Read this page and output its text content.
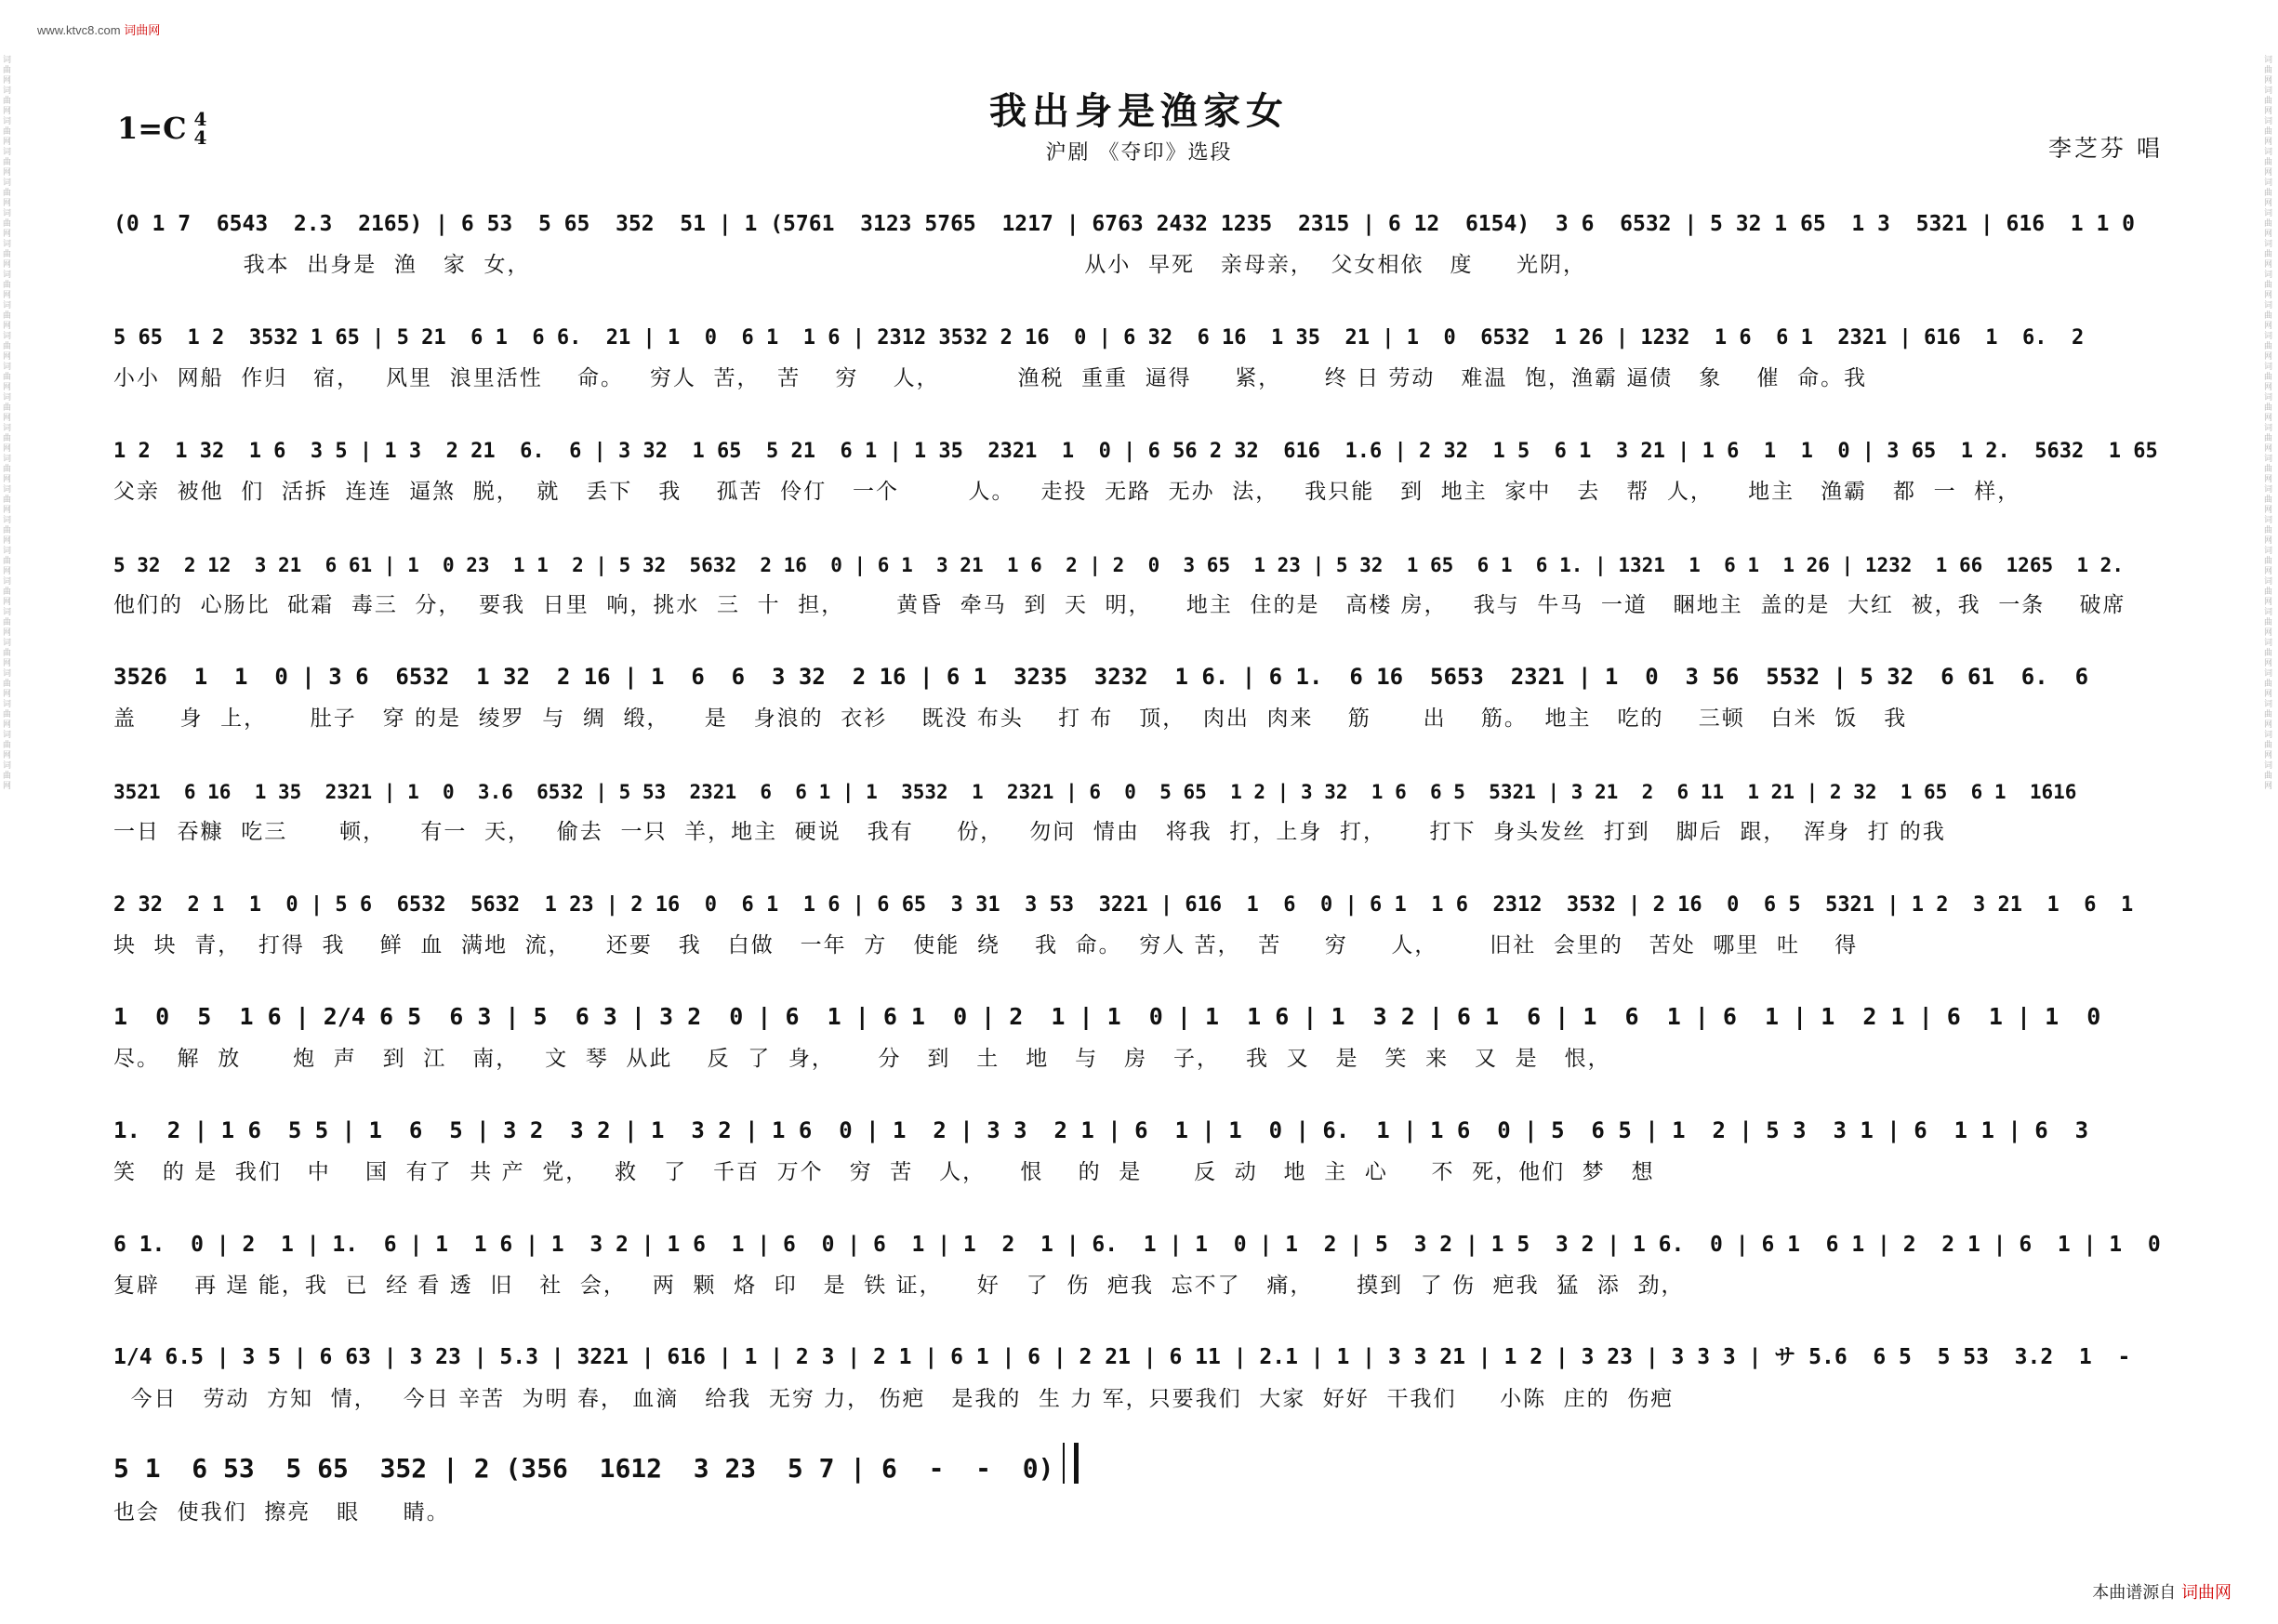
www.ktvc8.com 词曲网
词曲网词曲网词曲网词曲网词曲网词曲网词曲网词曲网词曲网词曲网词曲网词曲网词曲网词曲网词曲网词曲网词曲网词曲网词曲网词曲网词曲网词曲网词曲网词曲网
词曲网词曲网词曲网词曲网词曲网词曲网词曲网词曲网词曲网词曲网词曲网词曲网词曲网词曲网词曲网词曲网词曲网词曲网词曲网词曲网词曲网词曲网词曲网词曲网
1=C 4
4
我出身是渔家女
沪剧 《夺印》选段	李芝芬 唱
(0 1 7  6543  2.3  2165) | 6 53  5 65  352  51 | 1 (5761  3123 5765  1217 | 6763 2432 1235  2315 | 6 12  6154)  3 6  6532 | 5 32 1 65  1 3  5321 | 616  1 1 0
我本  出身是  渔   家  女，                                                                从小  早死   亲母亲，  父女相依   度     光阴，
5 65  1 2  3532 1 65 | 5 21  6 1  6 6.  21 | 1  0  6 1  1 6 | 2312 3532 2 16  0 | 6 32  6 16  1 35  21 | 1  0  6532  1 26 | 1232  1 6  6 1  2321 | 616  1  6.  2
小小  网船  作归   宿，   风里  浪里活性    命。   穷人  苦，  苦    穷    人，         渔税  重重  逼得     紧，     终 日 劳动   难温  饱，渔霸 逼债   象    催  命。我
1 2  1 32  1 6  3 5 | 1 3  2 21  6.  6 | 3 32  1 65  5 21  6 1 | 1 35  2321  1  0 | 6 56 2 32  616  1.6 | 2 32  1 5  6 1  3 21 | 1 6  1  1  0 | 3 65  1 2.  5632  1 65
父亲  被他  们  活拆  连连  逼煞  脱，  就   丢下   我    孤苦  伶仃   一个        人。   走投  无路  无办  法，   我只能   到  地主  家中   去   帮  人，    地主   渔霸   都  一  样，
5 32  2 12  3 21  6 61 | 1  0 23  1 1  2 | 5 32  5632  2 16  0 | 6 1  3 21  1 6  2 | 2  0  3 65  1 23 | 5 32  1 65  6 1  6 1. | 1321  1  6 1  1 26 | 1232  1 66  1265  1 2.
他们的  心肠比  砒霜  毒三  分，  要我  日里  响，挑水  三  十  担，      黄昏  牵马  到  天  明，    地主  住的是   高楼 房，   我与  牛马  一道   睏地主  盖的是  大红  被，我  一条    破席
3526  1  1  0 | 3 6  6532  1 32  2 16 | 1  6  6  3 32  2 16 | 6 1  3235  3232  1 6. | 6 1.  6 16  5653  2321 | 1  0  3 56  5532 | 5 32  6 61  6.  6
盖     身  上，     肚子   穿 的是  绫罗  与  绸  缎，    是   身浪的  衣衫    既没 布头    打 布   顶，  肉出  肉来    筋      出    筋。  地主   吃的    三顿   白米  饭   我
3521  6 16  1 35  2321 | 1  0  3.6  6532 | 5 53  2321  6  6 1 | 1  3532  1  2321 | 6  0  5 65  1 2 | 3 32  1 6  6 5  5321 | 3 21  2  6 11  1 21 | 2 32  1 65  6 1  1616
一日  吞糠  吃三      顿，    有一  天，   偷去  一只  羊，地主  硬说   我有     份，   勿问  情由   将我  打，上身  打，     打下  身头发丝  打到   脚后  跟，  浑身  打 的我
2 32  2 1  1  0 | 5 6  6532  5632  1 23 | 2 16  0  6 1  1 6 | 6 65  3 31  3 53  3221 | 616  1  6  0 | 6 1  1 6  2312  3532 | 2 16  0  6 5  5321 | 1 2  3 21  1  6  1
块  块  青，  打得  我    鲜  血  满地  流，    还要   我   白做   一年  方   使能  绕    我  命。  穷人 苦，  苦     穷     人，      旧社  会里的   苦处  哪里  吐    得
1  0  5  1 6 | 2/4 6 5  6 3 | 5  6 3 | 3 2  0 | 6  1 | 6 1  0 | 2  1 | 1  0 | 1  1 6 | 1  3 2 | 6 1  6 | 1  6  1 | 6  1 | 1  2 1 | 6  1 | 1  0
尽。  解  放      炮  声   到  江   南，   文  琴  从此    反  了  身，     分   到   土   地   与   房   子，   我  又   是   笑  来   又  是   恨，
1.  2 | 1 6  5 5 | 1  6  5 | 3 2  3 2 | 1  3 2 | 1 6  0 | 1  2 | 3 3  2 1 | 6  1 | 1  0 | 6.  1 | 1 6  0 | 5  6 5 | 1  2 | 5 3  3 1 | 6  1 1 | 6  3
笑   的 是  我们   中    国  有了  共 产  党，   救   了   千百  万个   穷  苦   人，    恨    的  是      反  动   地  主  心     不  死，他们  梦   想
6 1.  0 | 2  1 | 1.  6 | 1  1 6 | 1  3 2 | 1 6  1 | 6  0 | 6  1 | 1  2  1 | 6.  1 | 1  0 | 1  2 | 5  3 2 | 1 5  3 2 | 1 6.  0 | 6 1  6 1 | 2  2 1 | 6  1 | 1  0
复辟    再 逞 能，我  已  经 看 透  旧   社  会，   两  颗  烙  印   是  铁 证，    好   了  伤  疤我  忘不了   痛，     摸到  了 伤  疤我  猛  添  劲，
1/4 6.5 | 3 5 | 6 63 | 3 23 | 5.3 | 3221 | 616 | 1 | 2 3 | 2 1 | 6 1 | 6 | 2 21 | 6 11 | 2.1 | 1 | 3 3 21 | 1 2 | 3 23 | 3 3 3 | サ 5.6  6 5  5 53  3.2  1  -
今日   劳动  方知  情，   今日 辛苦  为明 春， 血滴   给我  无穷 力， 伤疤   是我的  生 力 军，只要我们  大家  好好  干我们     小陈  庄的  伤疤
5 1  6 53  5 65  352 | 2 (356  1612  3 23  5 7 | 6  -  -  0)
也会  使我们  擦亮   眼     睛。
本曲谱源自 词曲网
